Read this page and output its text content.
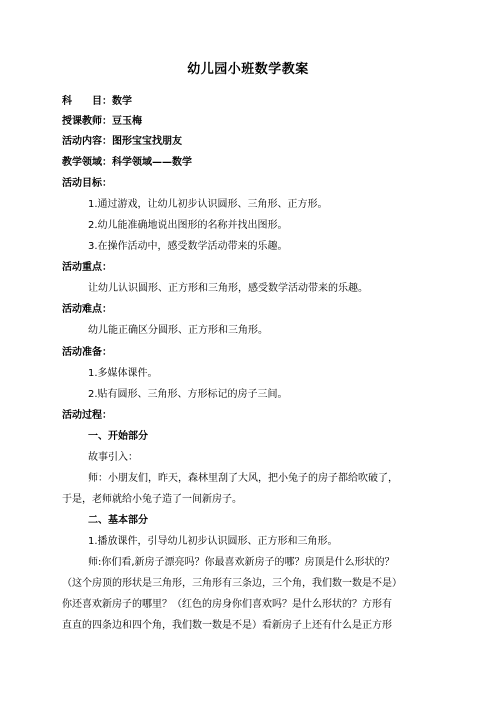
幼儿园小班数学教案
科　　目：数学
授课教师：豆玉梅
活动内容：图形宝宝找朋友
教学领域：科学领域——数学
活动目标：
1.通过游戏，让幼儿初步认识圆形、三角形、正方形。
2.幼儿能准确地说出图形的名称并找出图形。
3.在操作活动中，感受数学活动带来的乐趣。
活动重点：
让幼儿认识圆形、正方形和三角形，感受数学活动带来的乐趣。
活动难点：
幼儿能正确区分圆形、正方形和三角形。
活动准备：
1.多媒体课件。
2.贴有圆形、三角形、方形标记的房子三间。
活动过程：
一、开始部分
故事引入：
师：小朋友们，昨天，森林里刮了大风，把小兔子的房子都给吹破了，
于是，老师就给小兔子造了一间新房子。
二、基本部分
1.播放课件，引导幼儿初步认识圆形、正方形和三角形。
师:你们看,新房子漂亮吗？你最喜欢新房子的哪？房顶是什么形状的？
（这个房顶的形状是三角形，三角形有三条边，三个角，我们数一数是不是）
你还喜欢新房子的哪里？（红色的房身你们喜欢吗？是什么形状的？方形有
直直的四条边和四个角，我们数一数是不是）看新房子上还有什么是正方形
